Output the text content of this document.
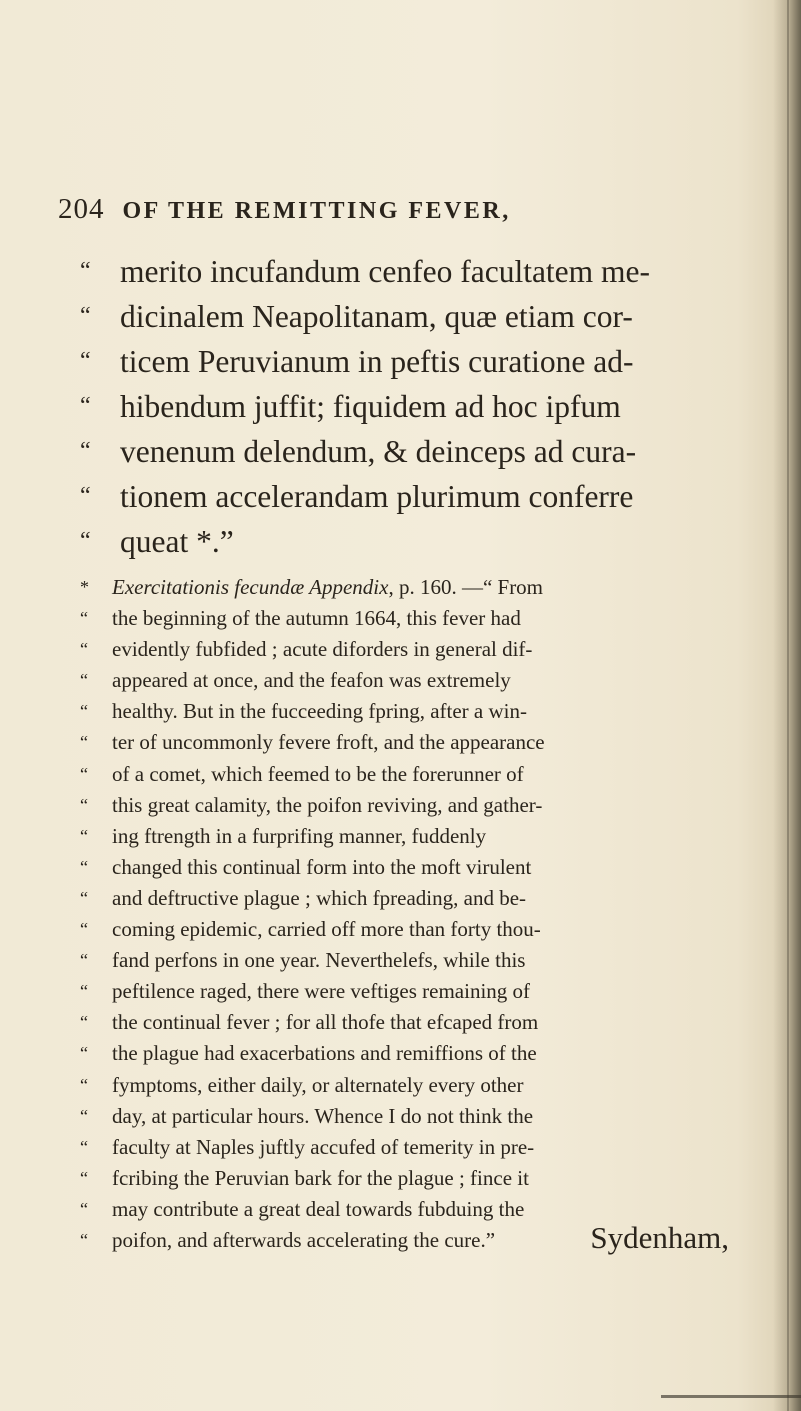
204 OF THE REMITTING FEVER,
“ merito incufandum cenfeo facultatem me-
“ dicinalem Neapolitanam, quæ etiam cor-
“ ticem Peruvianum in peftis curatione ad-
“ hibendum juffit; fiquidem ad hoc ipfum
“ venenum delendum, & deinceps ad cura-
“ tionem accelerandam plurimum conferre
“ queat *.”
*	Exercitationis fecundæ Appendix, p. 160. —“ From
“	the beginning of the autumn 1664, this fever had
“	evidently fubfided ; acute diforders in general dif-
“	appeared at once, and the feafon was extremely
“	healthy. But in the fucceeding fpring, after a win-
“	ter of uncommonly fevere froft, and the appearance
“	of a comet, which feemed to be the forerunner of
“	this great calamity, the poifon reviving, and gather-
“	ing ftrength in a furprifing manner, fuddenly
“	changed this continual form into the moft virulent
“	and deftructive plague ; which fpreading, and be-
“	coming epidemic, carried off more than forty thou-
“	fand perfons in one year. Neverthelefs, while this
“	peftilence raged, there were veftiges remaining of
“	the continual fever ; for all thofe that efcaped from
“	the plague had exacerbations and remiffions of the
“	fymptoms, either daily, or alternately every other
“	day, at particular hours. Whence I do not think the
“	faculty at Naples juftly accufed of temerity in pre-
“	fcribing the Peruvian bark for the plague ; fince it
“	may contribute a great deal towards fubduing the
“	poifon, and afterwards accelerating the cure.”	Sydenham,
